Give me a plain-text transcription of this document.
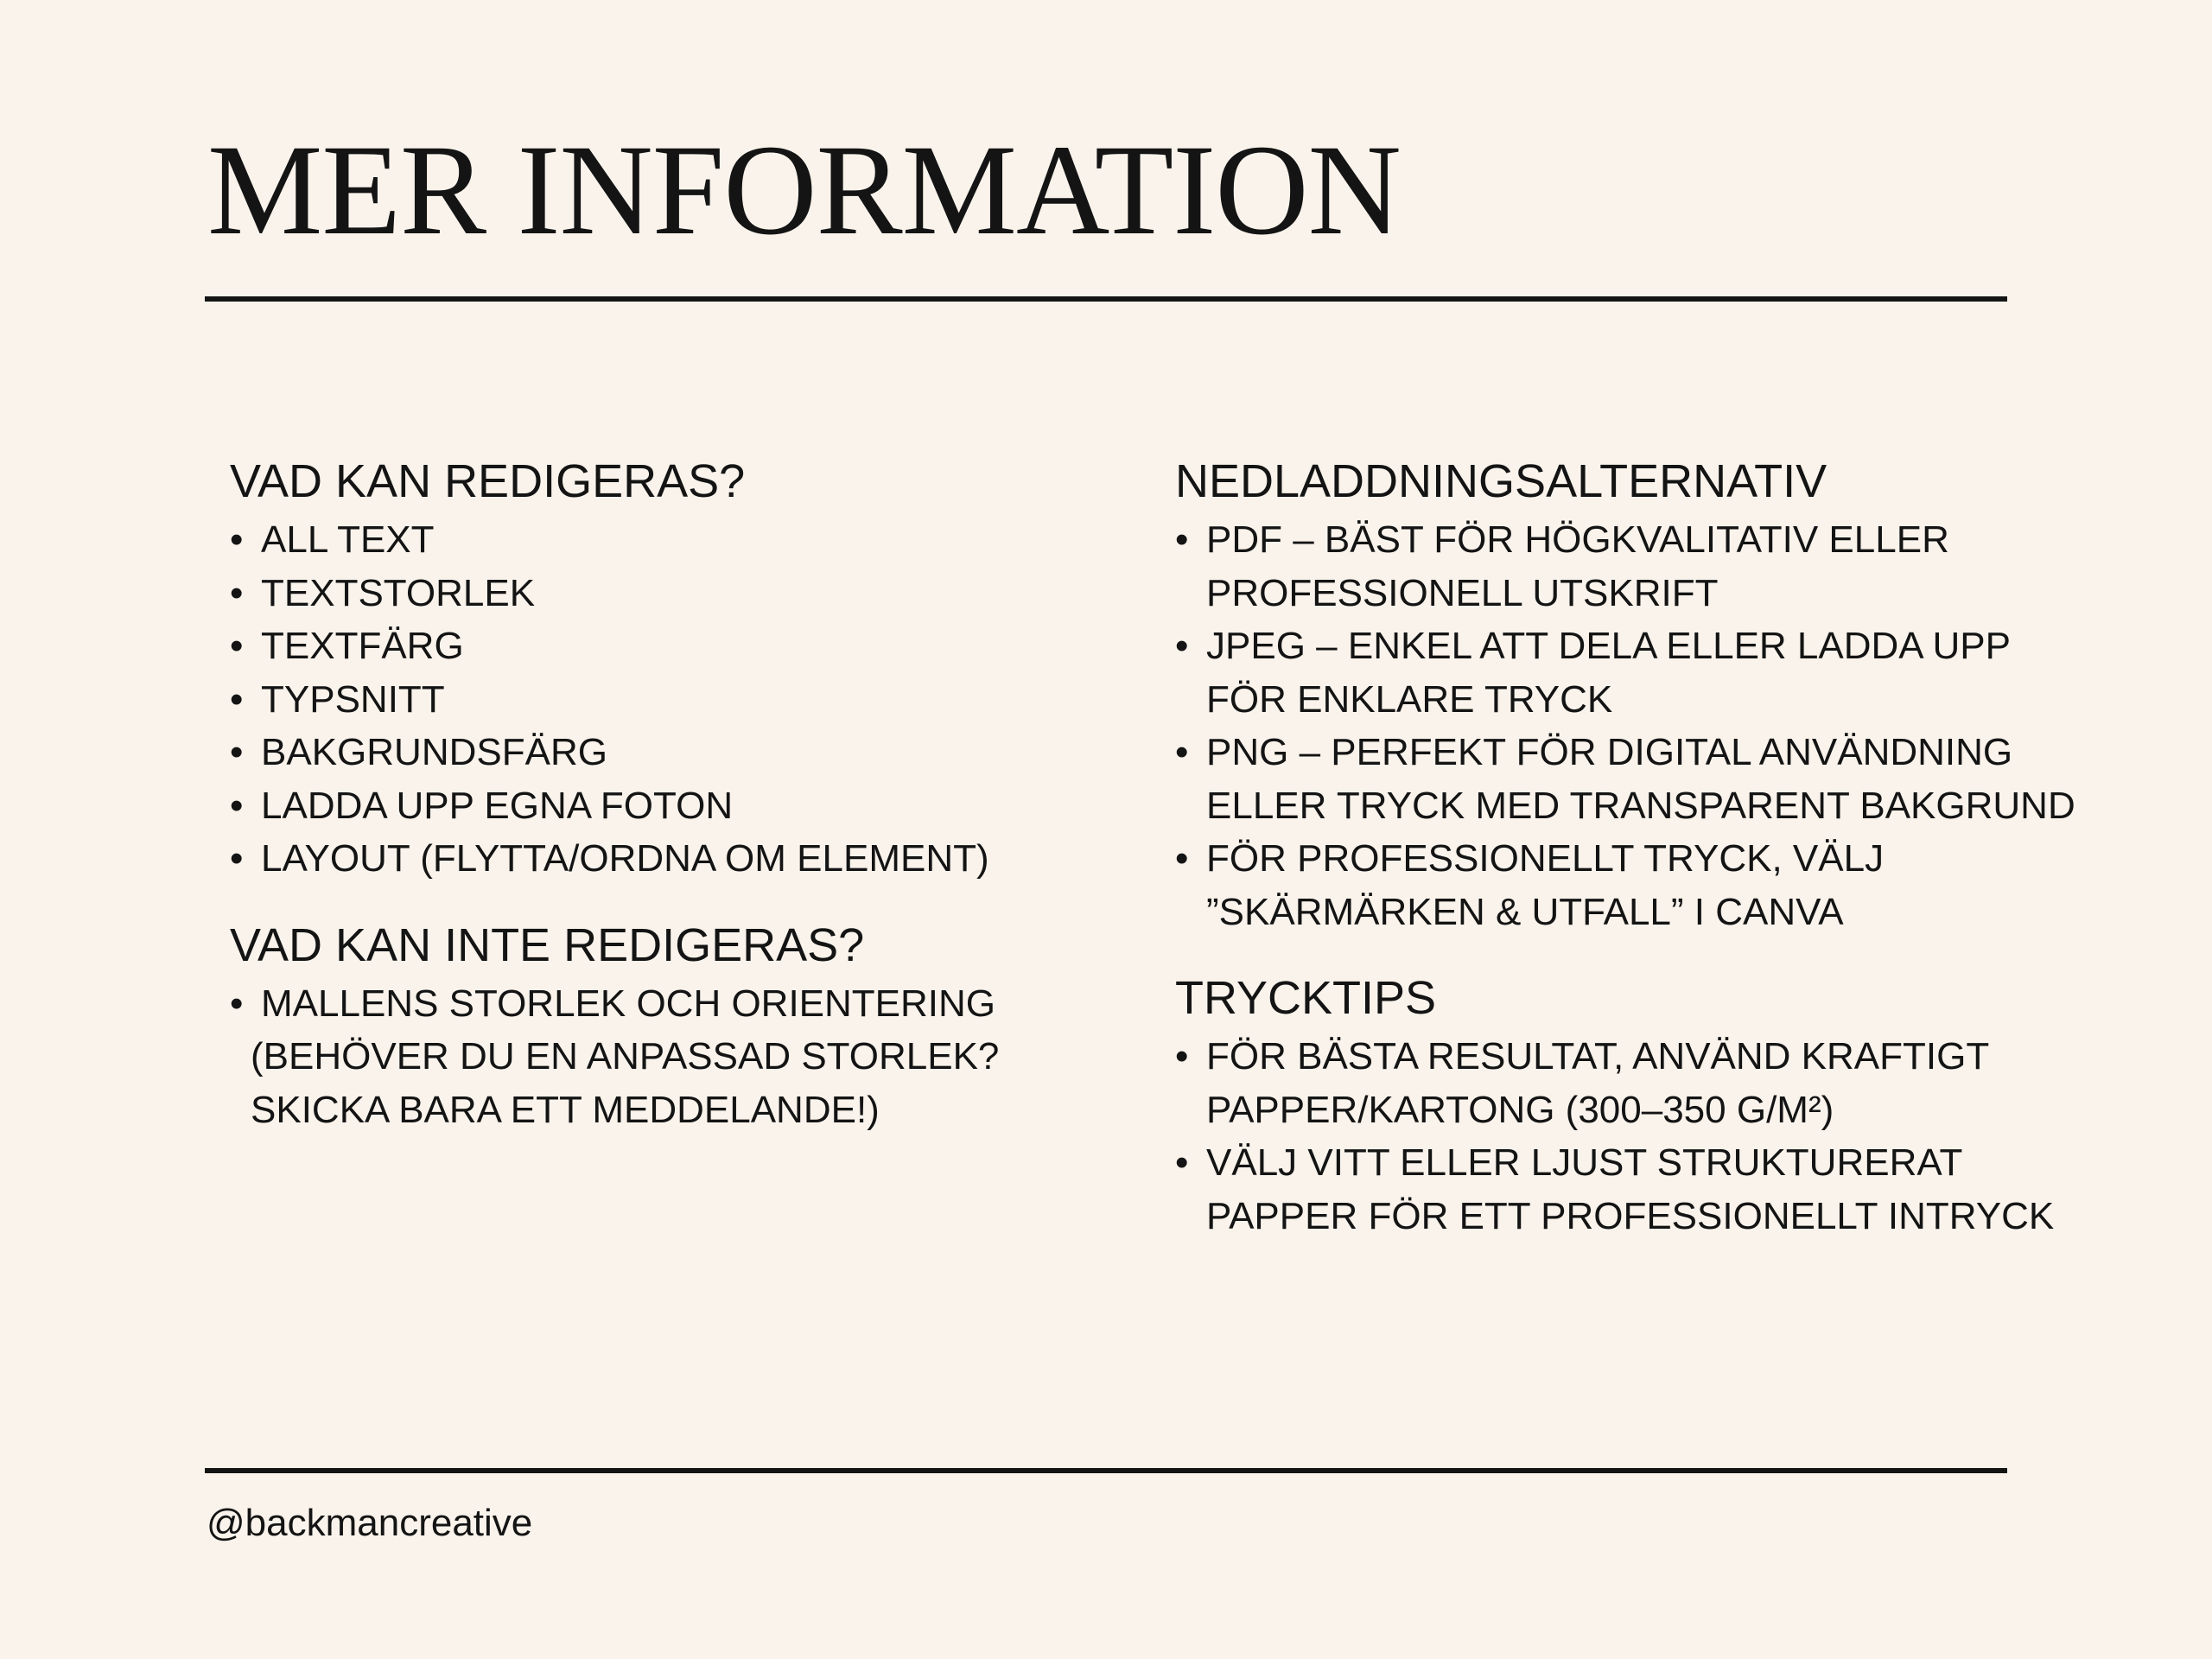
MER INFORMATION
VAD KAN REDIGERAS?
• ALL TEXT
• TEXTSTORLEK
• TEXTFÄRG
• TYPSNITT
• BAKGRUNDSFÄRG
• LADDA UPP EGNA FOTON
• LAYOUT (FLYTTA/ORDNA OM ELEMENT)
VAD KAN INTE REDIGERAS?
• MALLENS STORLEK OCH ORIENTERING
(BEHÖVER DU EN ANPASSAD STORLEK?
SKICKA BARA ETT MEDDELANDE!)
NEDLADDNINGSALTERNATIV
• PDF – BÄST FÖR HÖGKVALITATIV ELLER
PROFESSIONELL UTSKRIFT
• JPEG – ENKEL ATT DELA ELLER LADDA UPP
FÖR ENKLARE TRYCK
• PNG – PERFEKT FÖR DIGITAL ANVÄNDNING
ELLER TRYCK MED TRANSPARENT BAKGRUND
• FÖR PROFESSIONELLT TRYCK, VÄLJ
”SKÄRMÄRKEN & UTFALL” I CANVA
TRYCKTIPS
• FÖR BÄSTA RESULTAT, ANVÄND KRAFTIGT
PAPPER/KARTONG (300–350 G/M²)
• VÄLJ VITT ELLER LJUST STRUKTURERAT
PAPPER FÖR ETT PROFESSIONELLT INTRYCK
@backmancreative
